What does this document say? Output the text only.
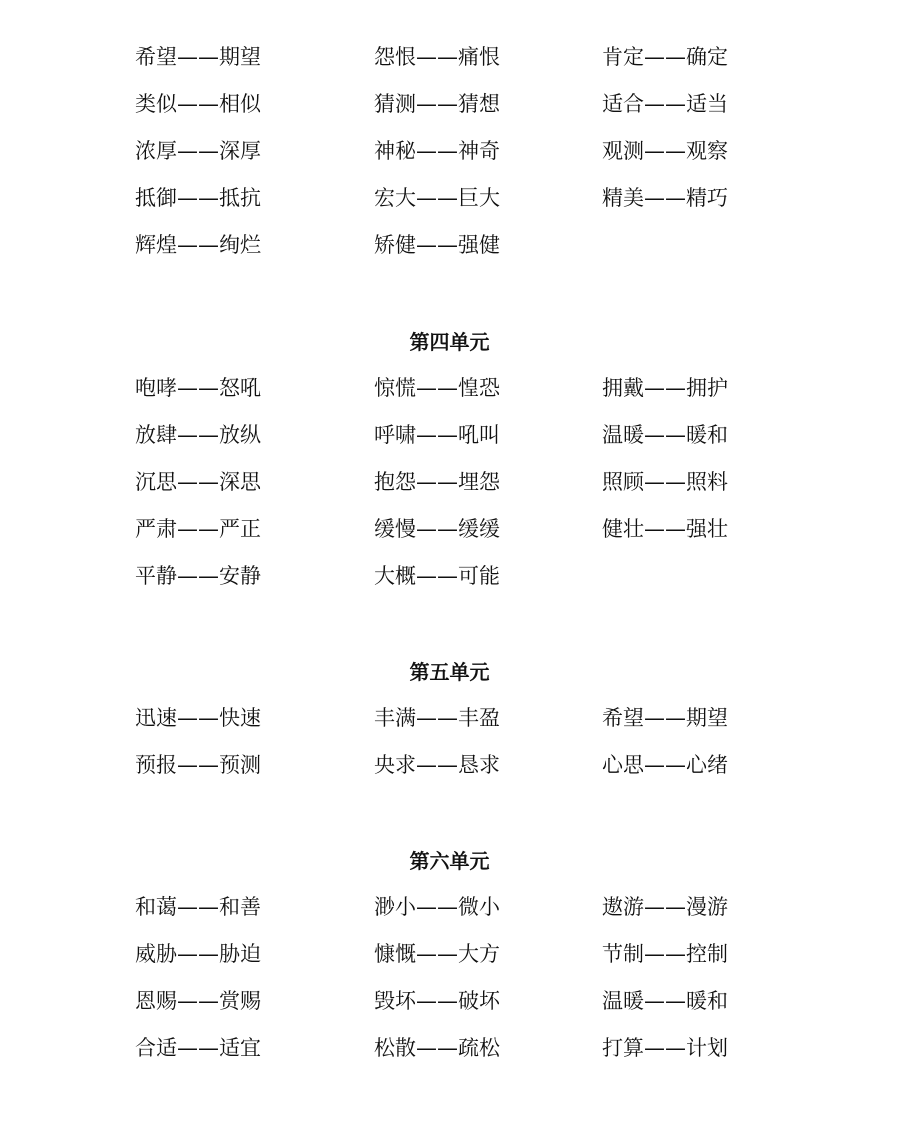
希望——期望	怨恨——痛恨	肯定——确定
类似——相似	猜测——猜想	适合——适当
浓厚——深厚	神秘——神奇	观测——观察
抵御——抵抗	宏大——巨大	精美——精巧
辉煌——绚烂	矫健——强健
第四单元
咆哮——怒吼	惊慌——惶恐	拥戴——拥护
放肆——放纵	呼啸——吼叫	温暖——暖和
沉思——深思	抱怨——埋怨	照顾——照料
严肃——严正	缓慢——缓缓	健壮——强壮
平静——安静	大概——可能
第五单元
迅速——快速	丰满——丰盈	希望——期望
预报——预测	央求——恳求	心思——心绪
第六单元
和蔼——和善	渺小——微小	遨游——漫游
威胁——胁迫	慷慨——大方	节制——控制
恩赐——赏赐	毁坏——破坏	温暖——暖和
合适——适宜	松散——疏松	打算——计划
